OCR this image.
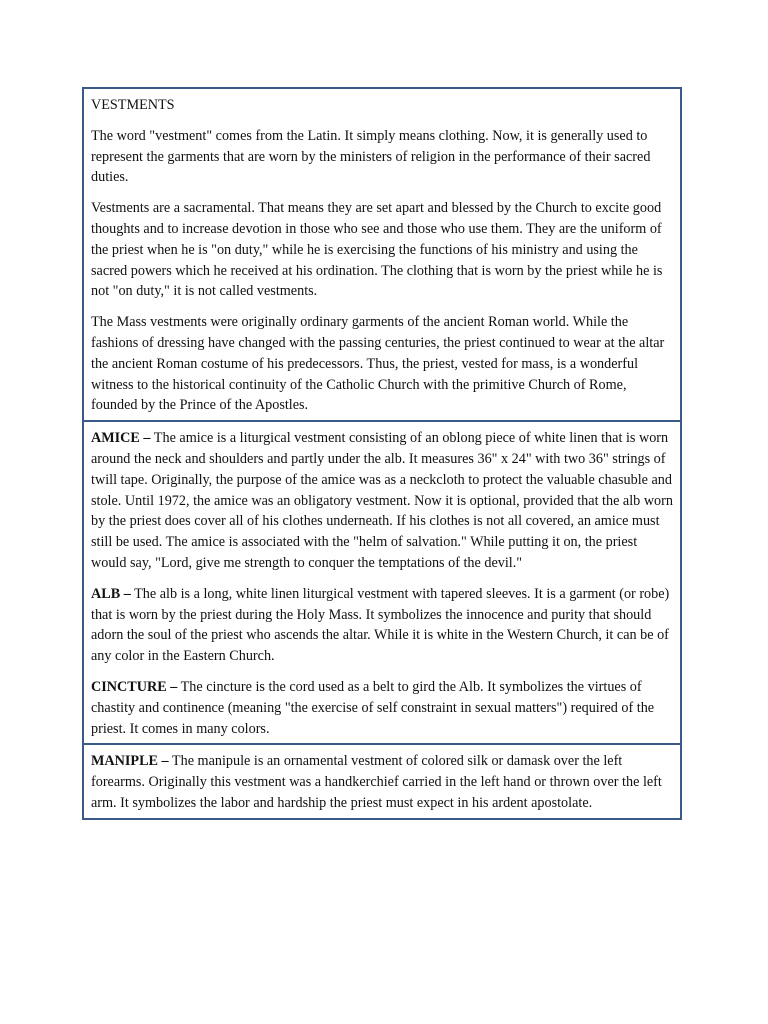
VESTMENTS

The word "vestment" comes from the Latin. It simply means clothing. Now, it is generally used to represent the garments that are worn by the ministers of religion in the performance of their sacred duties.

Vestments are a sacramental. That means they are set apart and blessed by the Church to excite good thoughts and to increase devotion in those who see and those who use them. They are the uniform of the priest when he is "on duty," while he is exercising the functions of his ministry and using the sacred powers which he received at his ordination. The clothing that is worn by the priest while he is not "on duty," it is not called vestments.

The Mass vestments were originally ordinary garments of the ancient Roman world. While the fashions of dressing have changed with the passing centuries, the priest continued to wear at the altar the ancient Roman costume of his predecessors. Thus, the priest, vested for mass, is a wonderful witness to the historical continuity of the Catholic Church with the primitive Church of Rome, founded by the Prince of the Apostles.

AMICE – The amice is a liturgical vestment consisting of an oblong piece of white linen that is worn around the neck and shoulders and partly under the alb. It measures 36" x 24" with two 36" strings of twill tape. Originally, the purpose of the amice was as a neckcloth to protect the valuable chasuble and stole. Until 1972, the amice was an obligatory vestment. Now it is optional, provided that the alb worn by the priest does cover all of his clothes underneath. If his clothes is not all covered, an amice must still be used. The amice is associated with the "helm of salvation." While putting it on, the priest would say, "Lord, give me strength to conquer the temptations of the devil."

ALB – The alb is a long, white linen liturgical vestment with tapered sleeves. It is a garment (or robe) that is worn by the priest during the Holy Mass. It symbolizes the innocence and purity that should adorn the soul of the priest who ascends the altar. While it is white in the Western Church, it can be of any color in the Eastern Church.

CINCTURE – The cincture is the cord used as a belt to gird the Alb. It symbolizes the virtues of chastity and continence (meaning "the exercise of self constraint in sexual matters") required of the priest. It comes in many colors.

MANIPLE – The manipule is an ornamental vestment of colored silk or damask over the left forearms. Originally this vestment was a handkerchief carried in the left hand or thrown over the left arm. It symbolizes the labor and hardship the priest must expect in his ardent apostolate.
